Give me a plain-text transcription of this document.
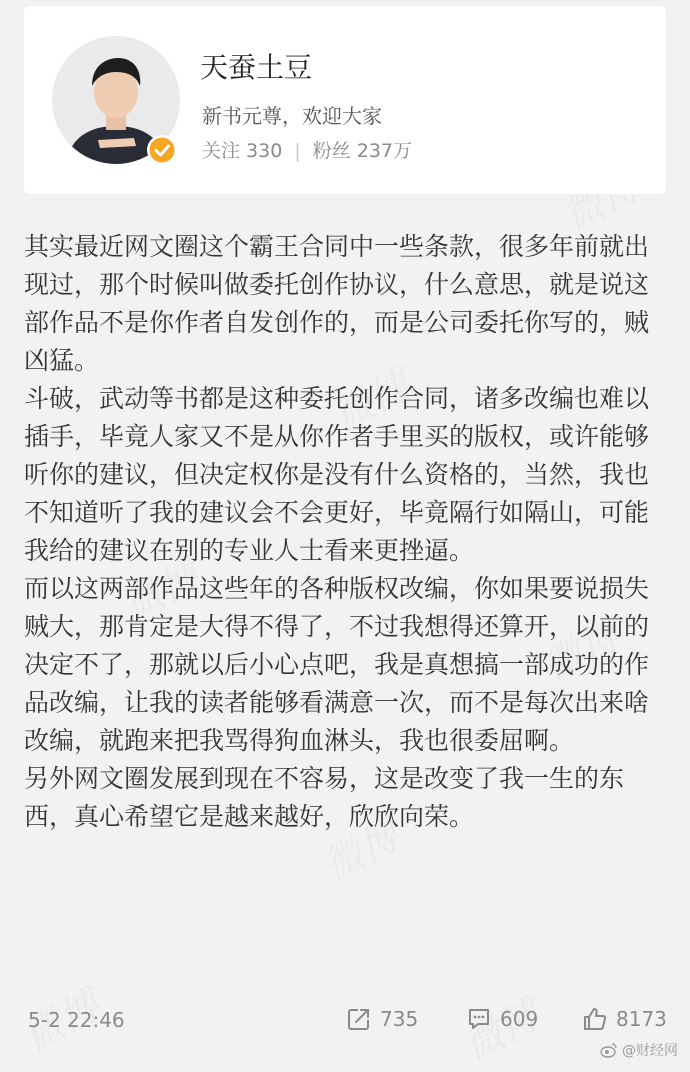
天蚕土豆
新书元尊，欢迎大家
关注 330 | 粉丝 237万

其实最近网文圈这个霸王合同中一些条款，很多年前就出现过，那个时候叫做委托创作协议，什么意思，就是说这部作品不是你作者自发创作的，而是公司委托你写的，贼凶猛。

斗破，武动等书都是这种委托创作合同，诸多改编也难以插手，毕竟人家又不是从你作者手里买的版权，或许能够听你的建议，但决定权你是没有什么资格的，当然，我也不知道听了我的建议会不会更好，毕竟隔行如隔山，可能我给的建议在别的专业人士看来更挫逼。

而以这两部作品这些年的各种版权改编，你如果要说损失贼大，那肯定是大得不得了，不过我想得还算开，以前的决定不了，那就以后小心点吧，我是真想搞一部成功的作品改编，让我的读者能够看满意一次，而不是每次出来啥改编，就跑来把我骂得狗血淋头，我也很委屈啊。

另外网文圈发展到现在不容易，这是改变了我一生的东西，真心希望它是越来越好，欣欣向荣。

5-2 22:46	735	609	8173
@财经网
